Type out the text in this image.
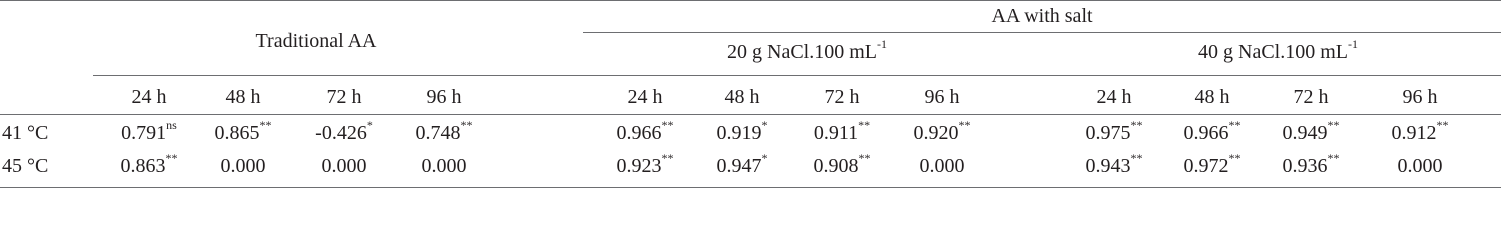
Traditional AA
AA with salt
20 g NaCl.100 $mL^{-1}$	40 g NaCl.100 $mL^{-1}$
24 h	48 h	72 h	96 h	24 h	48 h	72 h	96 h	24 h	48 h	72 h	96 h
41 °C	$0.791^{ns}$ 0.865** -0.426* 0.748**	0.966** 0.919* 0.911** 0.920**	0.975** 0.966** 0.949**	0.912**
45 °C	0.863** 0.000	0.000	0.000	0.923** 0.947* 0.908** 0.000	0.943** 0.972** 0.936**	0.000
